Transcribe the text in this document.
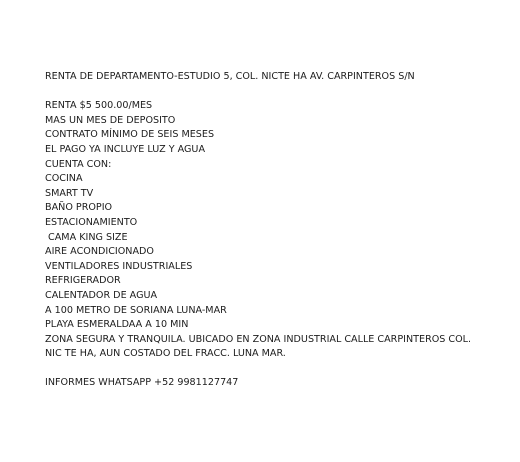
RENTA DE DEPARTAMENTO-ESTUDIO 5, COL. NICTE HA AV. CARPINTEROS S/N

RENTA $5 500.00/MES

MAS UN MES DE DEPOSITO

CONTRATO MÍNIMO DE SEIS MESES

EL PAGO YA INCLUYE LUZ Y AGUA

CUENTA CON:

COCINA

SMART TV

BAÑO PROPIO

ESTACIONAMIENTO

CAMA KING SIZE

AIRE ACONDICIONADO

VENTILADORES INDUSTRIALES

REFRIGERADOR

CALENTADOR DE AGUA

A 100 METRO DE SORIANA LUNA-MAR

PLAYA ESMERALDAA A 10 MIN

ZONA SEGURA Y TRANQUILA. UBICADO EN ZONA INDUSTRIAL CALLE CARPINTEROS COL.

NIC TE HA, AUN COSTADO DEL FRACC. LUNA MAR.

INFORMES WHATSAPP +52 9981127747
